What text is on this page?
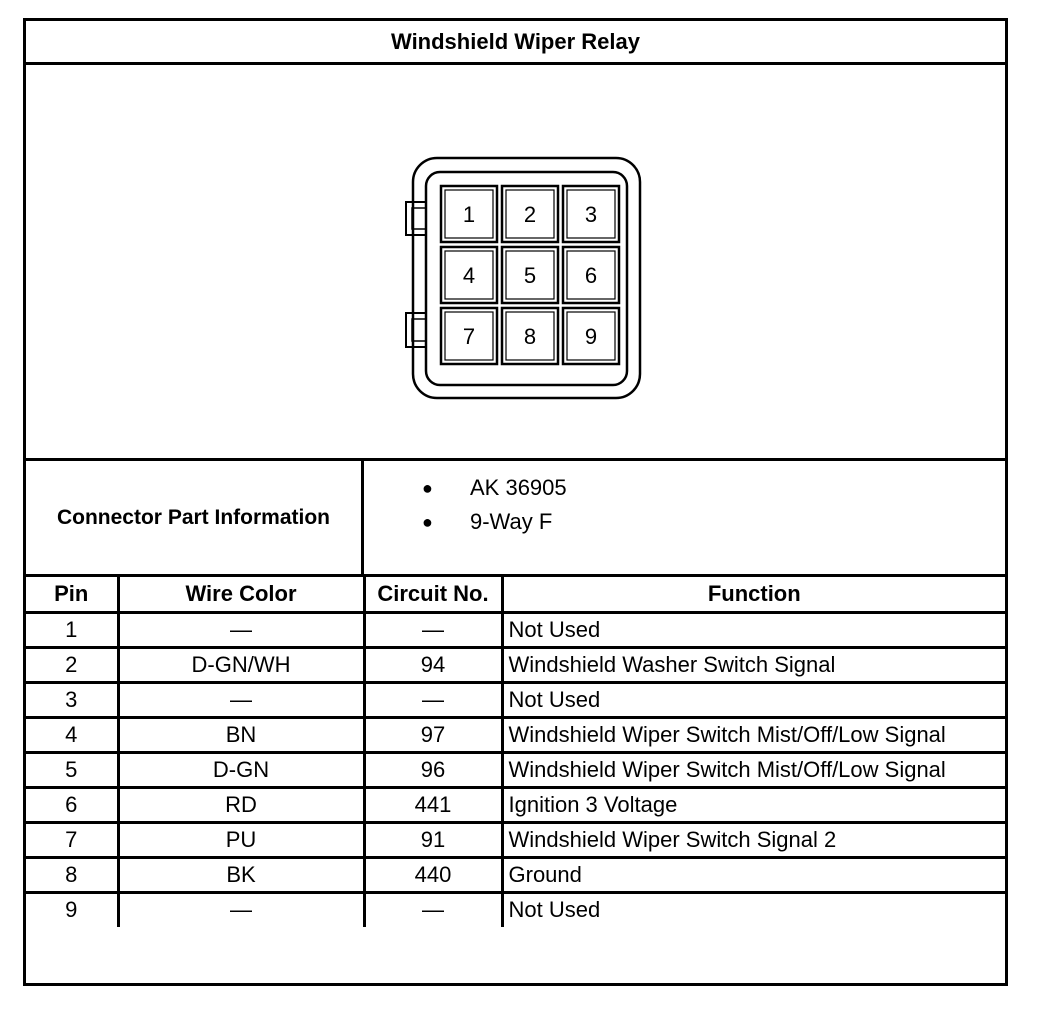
Windshield Wiper Relay
1 2 3
4 5 6
7 8 9
Connector Part Information
● AK 36905
● 9-Way F
Pin	Wire Color	Circuit No.	Function
1	—	—	Not Used
2	D-GN/WH	94	Windshield Washer Switch Signal
3	—	—	Not Used
4	BN	97	Windshield Wiper Switch Mist/Off/Low Signal
5	D-GN	96	Windshield Wiper Switch Mist/Off/Low Signal
6	RD	441	Ignition 3 Voltage
7	PU	91	Windshield Wiper Switch Signal 2
8	BK	440	Ground
9	—	—	Not Used
